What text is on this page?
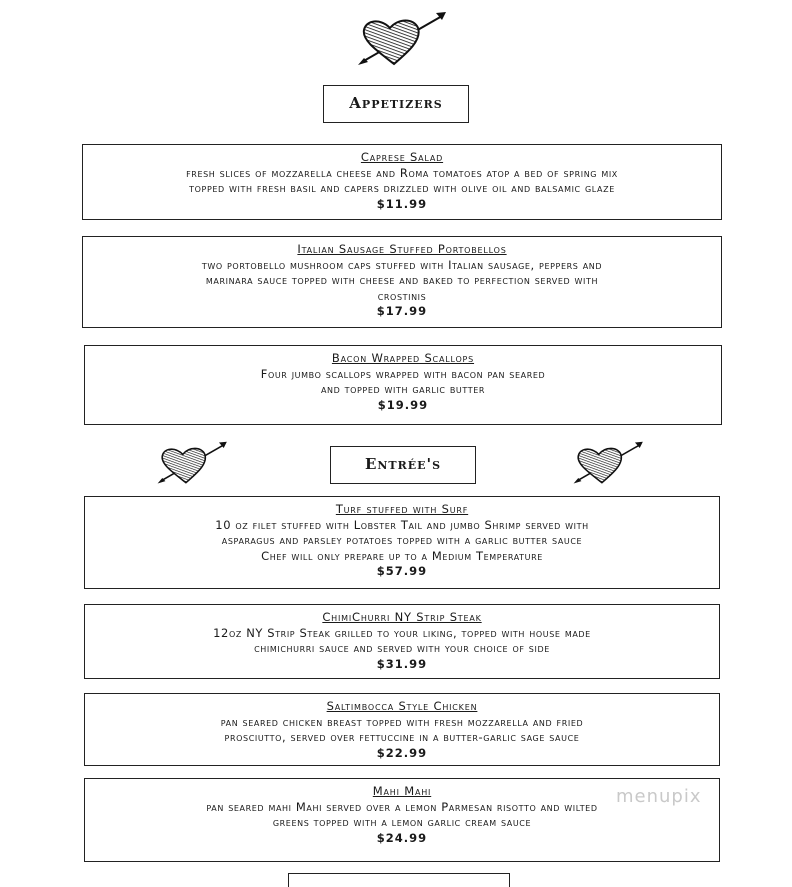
Appetizers
Caprese Salad
fresh slices of mozzarella cheese and Roma tomatoes atop a bed of spring mix
topped with fresh basil and capers drizzled with olive oil and balsamic glaze
$11.99
Italian Sausage Stuffed Portobellos
two portobello mushroom caps stuffed with Italian sausage, peppers and
marinara sauce topped with cheese and baked to perfection served with
crostinis
$17.99
Bacon Wrapped Scallops
Four jumbo scallops wrapped with bacon pan seared
and topped with garlic butter
$19.99
Entrée's
Turf stuffed with Surf
10 oz filet stuffed with Lobster Tail and jumbo Shrimp served with
asparagus and parsley potatoes topped with a garlic butter sauce
Chef will only prepare up to a Medium Temperature
$57.99
ChimiChurri NY Strip Steak
12oz NY Strip Steak grilled to your liking, topped with house made
chimichurri sauce and served with your choice of side
$31.99
Saltimbocca Style Chicken
pan seared chicken breast topped with fresh mozzarella and fried
prosciutto, served over fettuccine in a butter-garlic sage sauce
$22.99
Mahi Mahi
pan seared mahi Mahi served over a lemon Parmesan risotto and wilted
greens topped with a lemon garlic cream sauce
$24.99
menupix
